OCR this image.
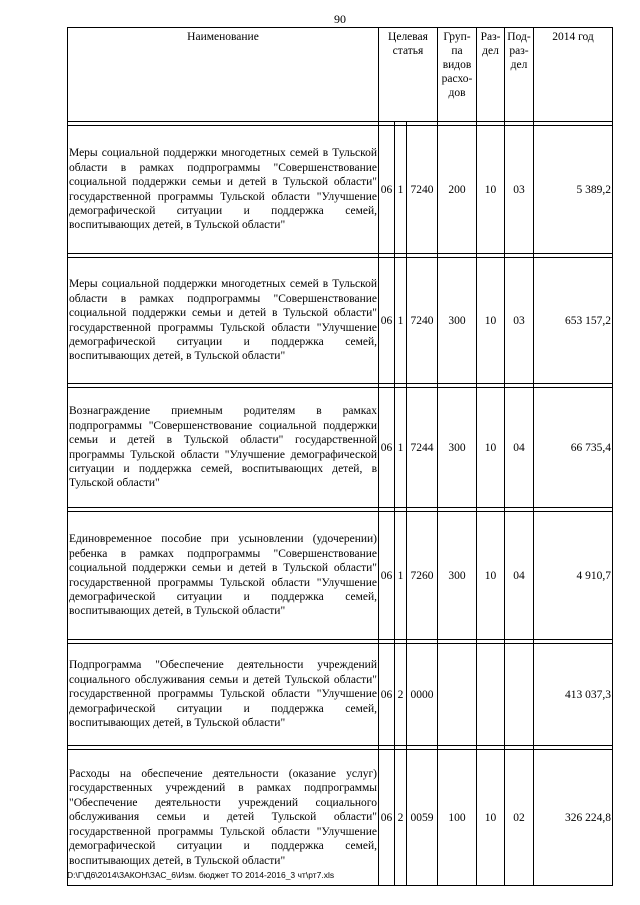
90
Наименование	Целевая статья			Груп-па видов расхо-дов	Раз-дел	Под-раз-дел	2014 год

Меры социальной поддержки многодетных семей в Тульской области в рамках подпрограммы "Совершенствование социальной поддержки семьи и детей в Тульской области" государственной программы Тульской области "Улучшение демографической ситуации и поддержка семей, воспитывающих детей, в Тульской области"	06	1	7240	200	10	03	5 389,2

Меры социальной поддержки многодетных семей в Тульской области в рамках подпрограммы "Совершенствование социальной поддержки семьи и детей в Тульской области" государственной программы Тульской области "Улучшение демографической ситуации и поддержка семей, воспитывающих детей, в Тульской области"	06	1	7240	300	10	03	653 157,2

Вознаграждение приемным родителям в рамках подпрограммы "Совершенствование социальной поддержки семьи и детей в Тульской области" государственной программы Тульской области "Улучшение демографической ситуации и поддержка семей, воспитывающих детей, в Тульской области"	06	1	7244	300	10	04	66 735,4

Единовременное пособие при усыновлении (удочерении) ребенка в рамках подпрограммы "Совершенствование социальной поддержки семьи и детей в Тульской области" государственной программы Тульской области "Улучшение демографической ситуации и поддержка семей, воспитывающих детей, в Тульской области"	06	1	7260	300	10	04	4 910,7

Подпрограмма "Обеспечение деятельности учреждений социального обслуживания семьи и детей Тульской области" государственной программы Тульской области "Улучшение демографической ситуации и поддержка семей, воспитывающих детей, в Тульской области"	06	2	0000				413 037,3

Расходы на обеспечение деятельности (оказание услуг) государственных учреждений в рамках подпрограммы "Обеспечение деятельности учреждений социального обслуживания семьи и детей Тульской области" государственной программы Тульской области "Улучшение демографической ситуации и поддержка семей, воспитывающих детей, в Тульской области"	06	2	0059	100	10	02	326 224,8
D:\Г\Д6\2014\ЗАКОН\ЗАС_6\Изм. бюджет ТО 2014-2016_3 чт\рт7.xls
